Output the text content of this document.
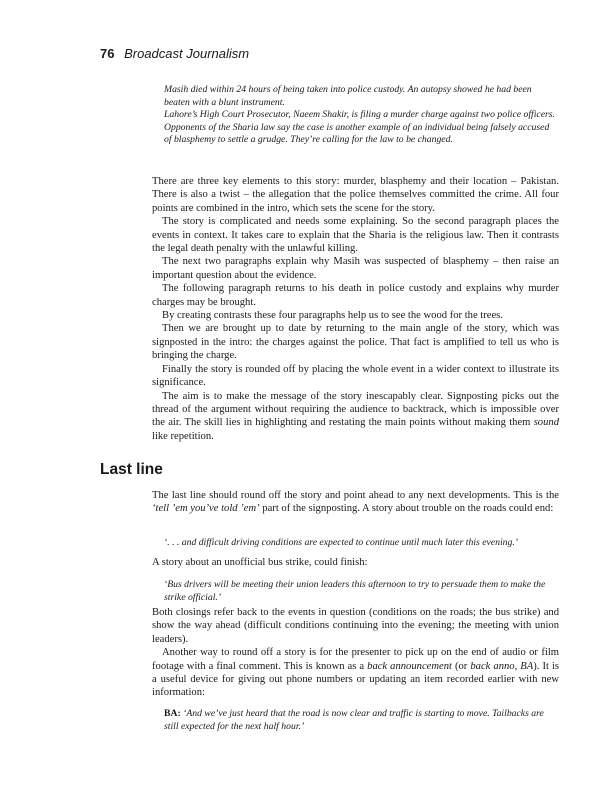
76 Broadcast Journalism

Masih died within 24 hours of being taken into police custody. An autopsy showed he had been beaten with a blunt instrument.

Lahore’s High Court Prosecutor, Naeem Shakir, is filing a murder charge against two police officers.

Opponents of the Sharia law say the case is another example of an individual being falsely accused of blasphemy to settle a grudge. They’re calling for the law to be changed.

There are three key elements to this story: murder, blasphemy and their location – Pakistan. There is also a twist – the allegation that the police themselves committed the crime. All four points are combined in the intro, which sets the scene for the story.

The story is complicated and needs some explaining. So the second paragraph places the events in context. It takes care to explain that the Sharia is the religious law. Then it contrasts the legal death penalty with the unlawful killing.

The next two paragraphs explain why Masih was suspected of blasphemy – then raise an important question about the evidence.

The following paragraph returns to his death in police custody and explains why murder charges may be brought.

By creating contrasts these four paragraphs help us to see the wood for the trees.

Then we are brought up to date by returning to the main angle of the story, which was signposted in the intro: the charges against the police. That fact is amplified to tell us who is bringing the charge.

Finally the story is rounded off by placing the whole event in a wider context to illustrate its significance.

The aim is to make the message of the story inescapably clear. Signposting picks out the thread of the argument without requiring the audience to backtrack, which is impossible over the air. The skill lies in highlighting and restating the main points without making them sound like repetition.

Last line

The last line should round off the story and point ahead to any next developments. This is the ‘tell ’em you’ve told ’em’ part of the signposting. A story about trouble on the roads could end:

‘. . . and difficult driving conditions are expected to continue until much later this evening.’

A story about an unofficial bus strike, could finish:

‘Bus drivers will be meeting their union leaders this afternoon to try to persuade them to make the strike official.’

Both closings refer back to the events in question (conditions on the roads; the bus strike) and show the way ahead (difficult conditions continuing into the evening; the meeting with union leaders).

Another way to round off a story is for the presenter to pick up on the end of audio or film footage with a final comment. This is known as a back announcement (or back anno, BA). It is a useful device for giving out phone numbers or updating an item recorded earlier with new information:

BA: ‘And we’ve just heard that the road is now clear and traffic is starting to move. Tailbacks are still expected for the next half hour.’
